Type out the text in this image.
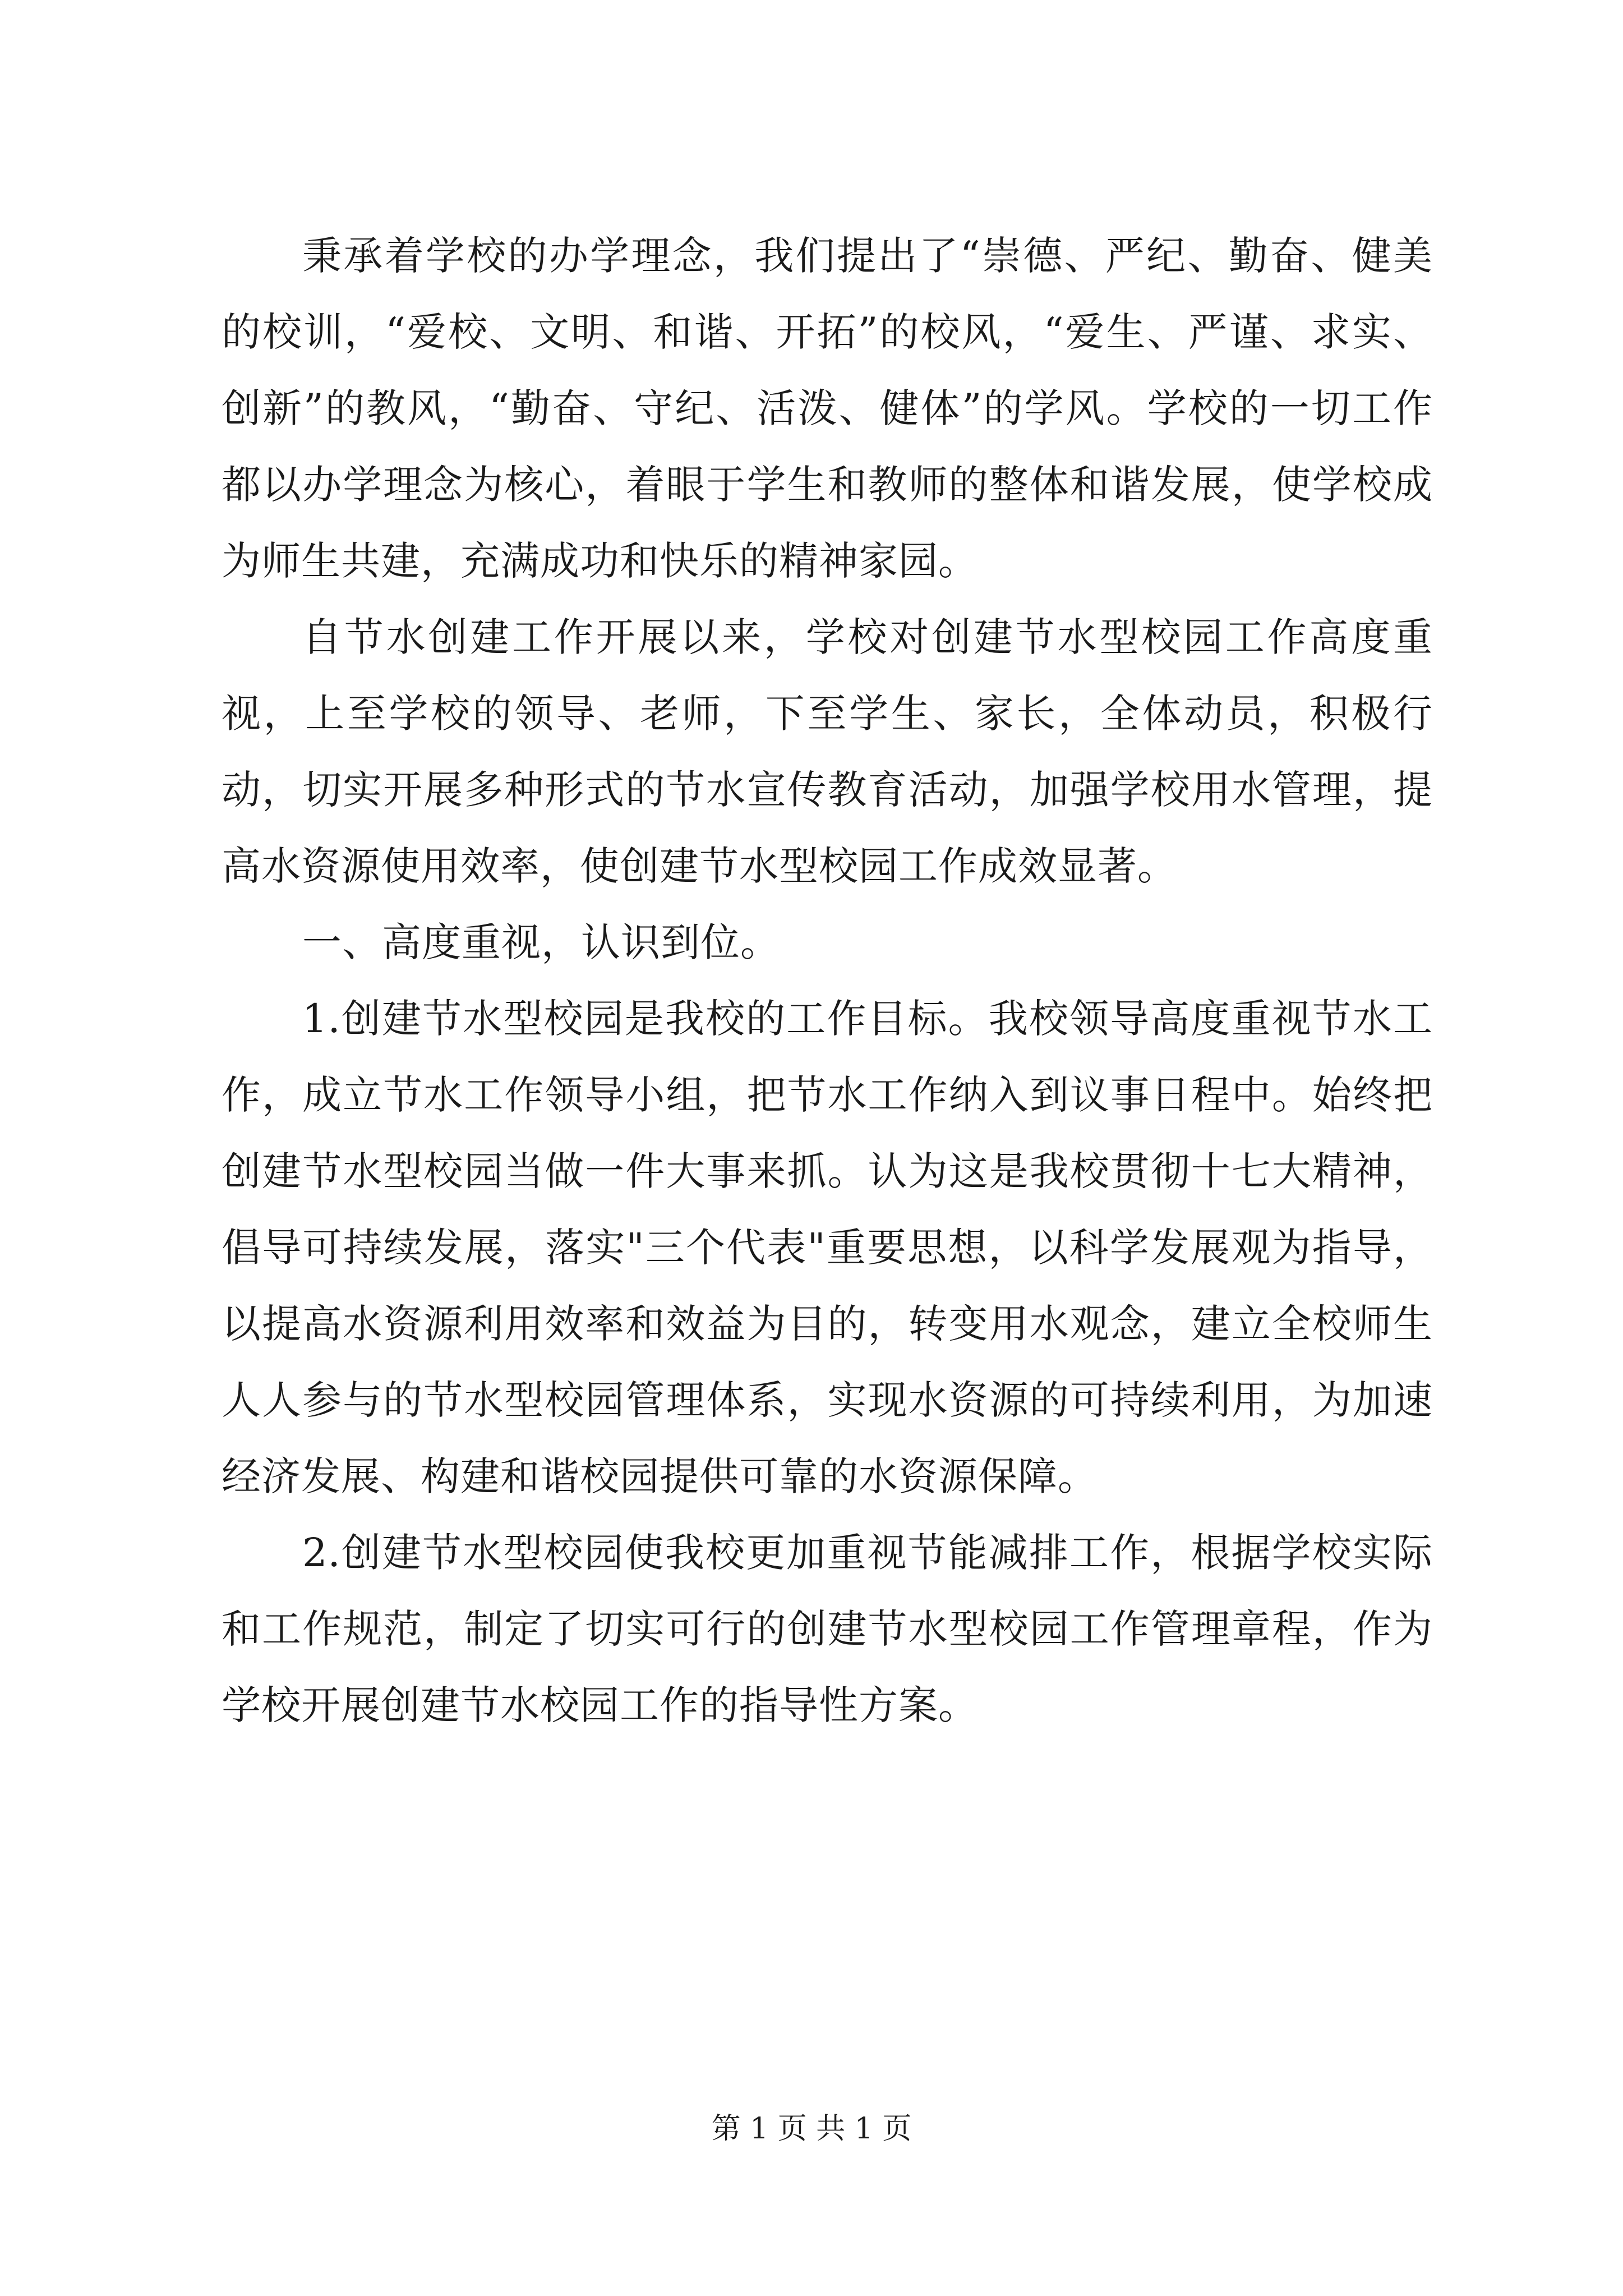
秉承着学校的办学理念，我们提出了“崇德、严纪、勤奋、健美的校训，“爱校、文明、和谐、开拓”的校风，“爱生、严谨、求实、创新”的教风，“勤奋、守纪、活泼、健体”的学风。学校的一切工作都以办学理念为核心，着眼于学生和教师的整体和谐发展，使学校成为师生共建，充满成功和快乐的精神家园。

自节水创建工作开展以来，学校对创建节水型校园工作高度重视，上至学校的领导、老师，下至学生、家长，全体动员，积极行动，切实开展多种形式的节水宣传教育活动，加强学校用水管理，提高水资源使用效率，使创建节水型校园工作成效显著。

一、高度重视，认识到位。

1.创建节水型校园是我校的工作目标。我校领导高度重视节水工作，成立节水工作领导小组，把节水工作纳入到议事日程中。始终把创建节水型校园当做一件大事来抓。认为这是我校贯彻十七大精神，倡导可持续发展，落实"三个代表"重要思想，以科学发展观为指导，以提高水资源利用效率和效益为目的，转变用水观念，建立全校师生人人参与的节水型校园管理体系，实现水资源的可持续利用，为加速经济发展、构建和谐校园提供可靠的水资源保障。

2.创建节水型校园使我校更加重视节能减排工作，根据学校实际和工作规范，制定了切实可行的创建节水型校园工作管理章程，作为学校开展创建节水校园工作的指导性方案。

第 1 页 共 1 页
